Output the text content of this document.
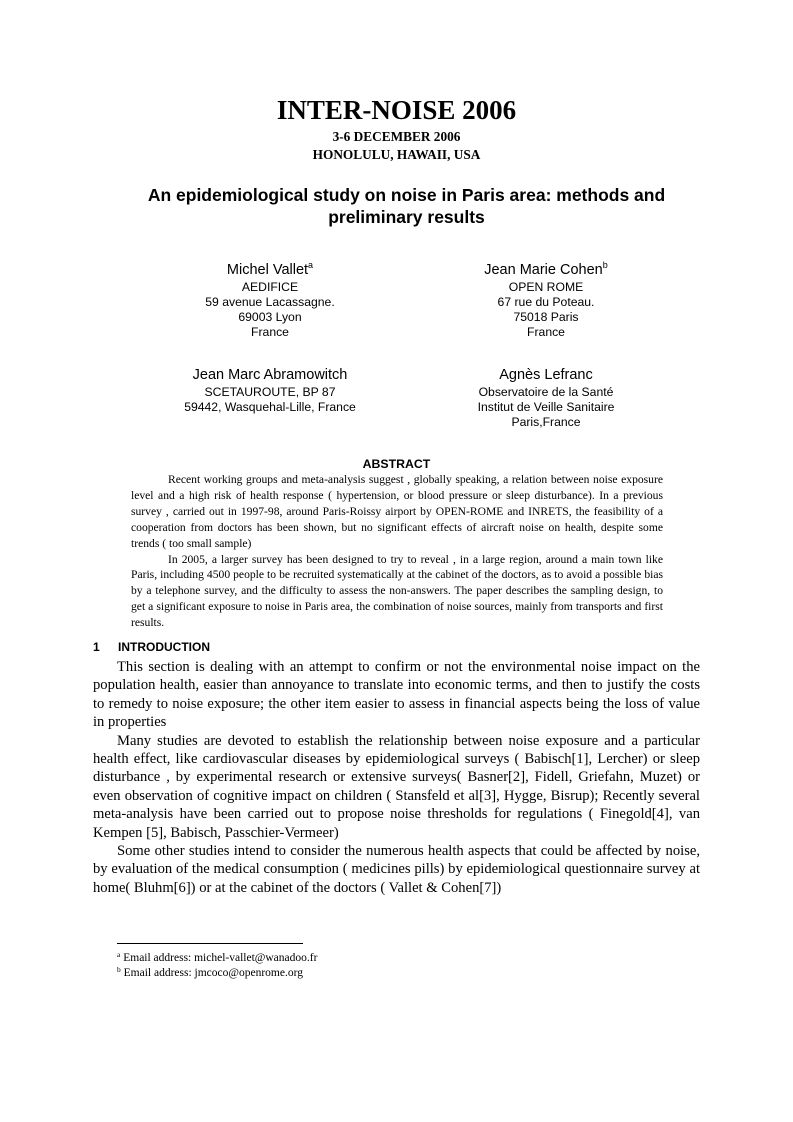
INTER-NOISE 2006
3-6 DECEMBER 2006
HONOLULU, HAWAII, USA
An epidemiological study on noise in Paris area: methods and preliminary results
Michel Vallet$^a$
AEDIFICE
59 avenue Lacassagne.
69003 Lyon
France
Jean Marie Cohen$^b$
OPEN ROME
67 rue du Poteau.
75018 Paris
France
Jean Marc Abramowitch
SCETAUROUTE, BP 87
59442, Wasquehal-Lille, France
Agnès Lefranc
Observatoire de la Santé
Institut de Veille Sanitaire
Paris,France
ABSTRACT

Recent working groups and meta-analysis suggest , globally speaking, a relation between noise exposure level and a high risk of health response ( hypertension, or blood pressure or sleep disturbance). In a previous survey , carried out in 1997-98, around Paris-Roissy airport by OPEN-ROME and INRETS, the feasibility of a cooperation from doctors has been shown, but no significant effects of aircraft noise on health, despite some trends ( too small sample)

In 2005, a larger survey has been designed to try to reveal , in a large region, around a main town like Paris, including 4500 people to be recruited systematically at the cabinet of the doctors, as to avoid a possible bias by a telephone survey, and the difficulty to assess the non-answers. The paper describes the sampling design, to get a significant exposure to noise in Paris area, the combination of noise sources, mainly from transports and first results.

1 INTRODUCTION

This section is dealing with an attempt to confirm or not the environmental noise impact on the population health, easier than annoyance to translate into economic terms, and then to justify the costs to remedy to noise exposure; the other item easier to assess in financial aspects being the loss of value in properties

Many studies are devoted to establish the relationship between noise exposure and a particular health effect, like cardiovascular diseases by epidemiological surveys ( Babisch[1], Lercher) or sleep disturbance , by experimental research or extensive surveys( Basner[2], Fidell, Griefahn, Muzet) or even observation of cognitive impact on children ( Stansfeld et al[3], Hygge, Bisrup); Recently several meta-analysis have been carried out to propose noise thresholds for regulations ( Finegold[4], van Kempen [5], Babisch, Passchier-Vermeer)

Some other studies intend to consider the numerous health aspects that could be affected by noise, by evaluation of the medical consumption ( medicines pills) by epidemiological questionnaire survey at home( Bluhm[6]) or at the cabinet of the doctors ( Vallet & Cohen[7])

$^a$ Email address: michel-vallet@wanadoo.fr
$^b$ Email address: jmcoco@openrome.org
